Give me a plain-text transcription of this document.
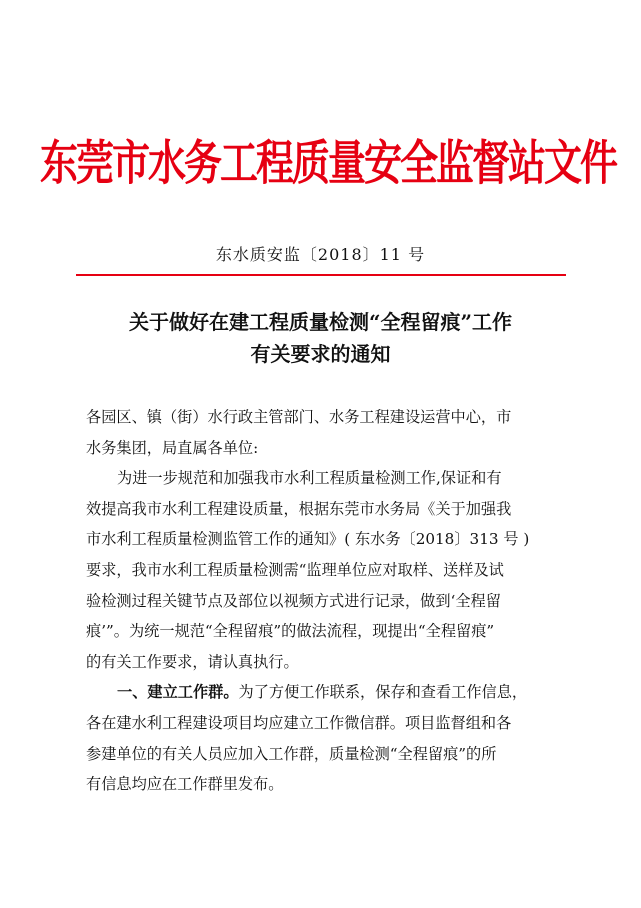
东莞市水务工程质量安全监督站文件
东水质安监〔2018〕11 号
关于做好在建工程质量检测“全程留痕”工作
有关要求的通知
各园区、镇（街）水行政主管部门、水务工程建设运营中心，市
水务集团，局直属各单位:
为进一步规范和加强我市水利工程质量检测工作,保证和有
效提高我市水利工程建设质量，根据东莞市水务局《关于加强我
市水利工程质量检测监管工作的通知》( 东水务〔2018〕313 号 )
要求，我市水利工程质量检测需“监理单位应对取样、送样及试
验检测过程关键节点及部位以视频方式进行记录，做到‘全程留
痕’”。为统一规范“全程留痕”的做法流程，现提出“全程留痕”
的有关工作要求，请认真执行。
一、建立工作群。为了方便工作联系，保存和查看工作信息，
各在建水利工程建设项目均应建立工作微信群。项目监督组和各
参建单位的有关人员应加入工作群，质量检测“全程留痕”的所
有信息均应在工作群里发布。
